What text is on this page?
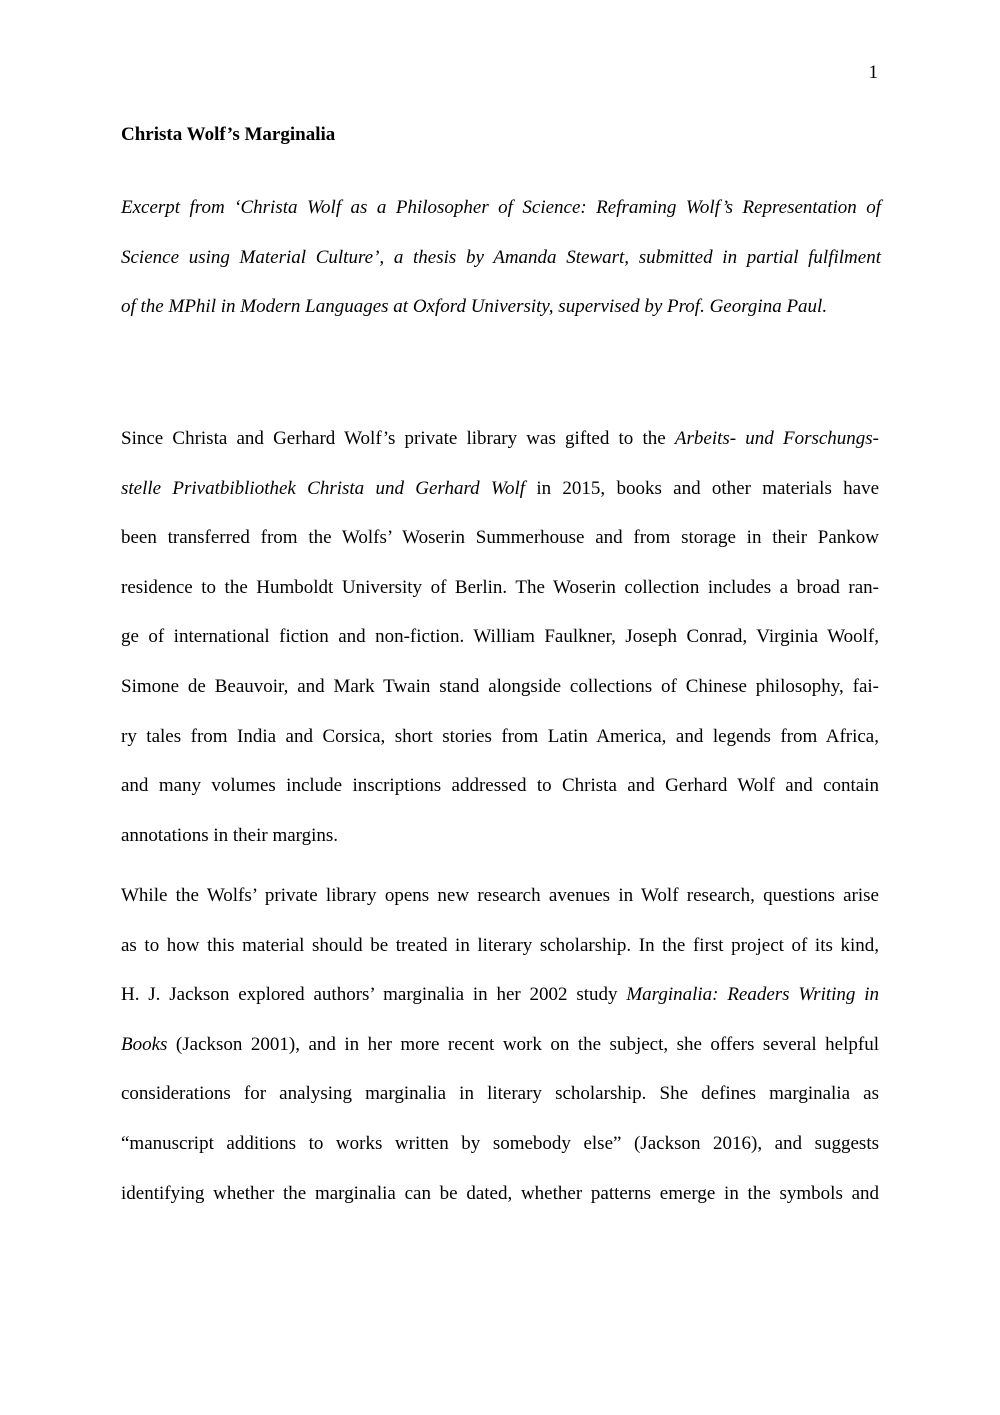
1
Christa Wolf’s Marginalia
Excerpt from ‘Christa Wolf as a Philosopher of Science: Reframing Wolf’s Representation of
Science using Material Culture’, a thesis by Amanda Stewart, submitted in partial fulfilment
of the MPhil in Modern Languages at Oxford University, supervised by Prof. Georgina Paul.
Since Christa and Gerhard Wolf’s private library was gifted to the Arbeits- und Forschungs-
stelle Privatbibliothek Christa und Gerhard Wolf in 2015, books and other materials have
been transferred from the Wolfs’ Woserin Summerhouse and from storage in their Pankow
residence to the Humboldt University of Berlin. The Woserin collection includes a broad ran-
ge of international fiction and non-fiction. William Faulkner, Joseph Conrad, Virginia Woolf,
Simone de Beauvoir, and Mark Twain stand alongside collections of Chinese philosophy, fai-
ry tales from India and Corsica, short stories from Latin America, and legends from Africa,
and many volumes include inscriptions addressed to Christa and Gerhard Wolf and contain
annotations in their margins.
While the Wolfs’ private library opens new research avenues in Wolf research, questions arise
as to how this material should be treated in literary scholarship. In the first project of its kind,
H. J. Jackson explored authors’ marginalia in her 2002 study Marginalia: Readers Writing in
Books (Jackson 2001), and in her more recent work on the subject, she offers several helpful
considerations for analysing marginalia in literary scholarship. She defines marginalia as
“manuscript additions to works written by somebody else” (Jackson 2016), and suggests
identifying whether the marginalia can be dated, whether patterns emerge in the symbols and
